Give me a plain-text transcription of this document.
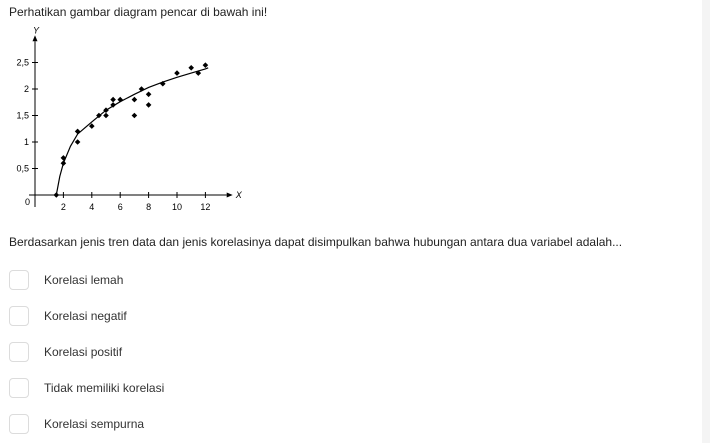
Perhatikan gambar diagram pencar di bawah ini!
X
Y
0	2	4	6	8 10 12
0,5
1
1,5
2
2,5
Berdasarkan jenis tren data dan jenis korelasinya dapat disimpulkan bahwa hubungan antara dua variabel adalah...
Korelasi lemah
Korelasi negatif
Korelasi positif
Tidak memiliki korelasi
Korelasi sempurna
